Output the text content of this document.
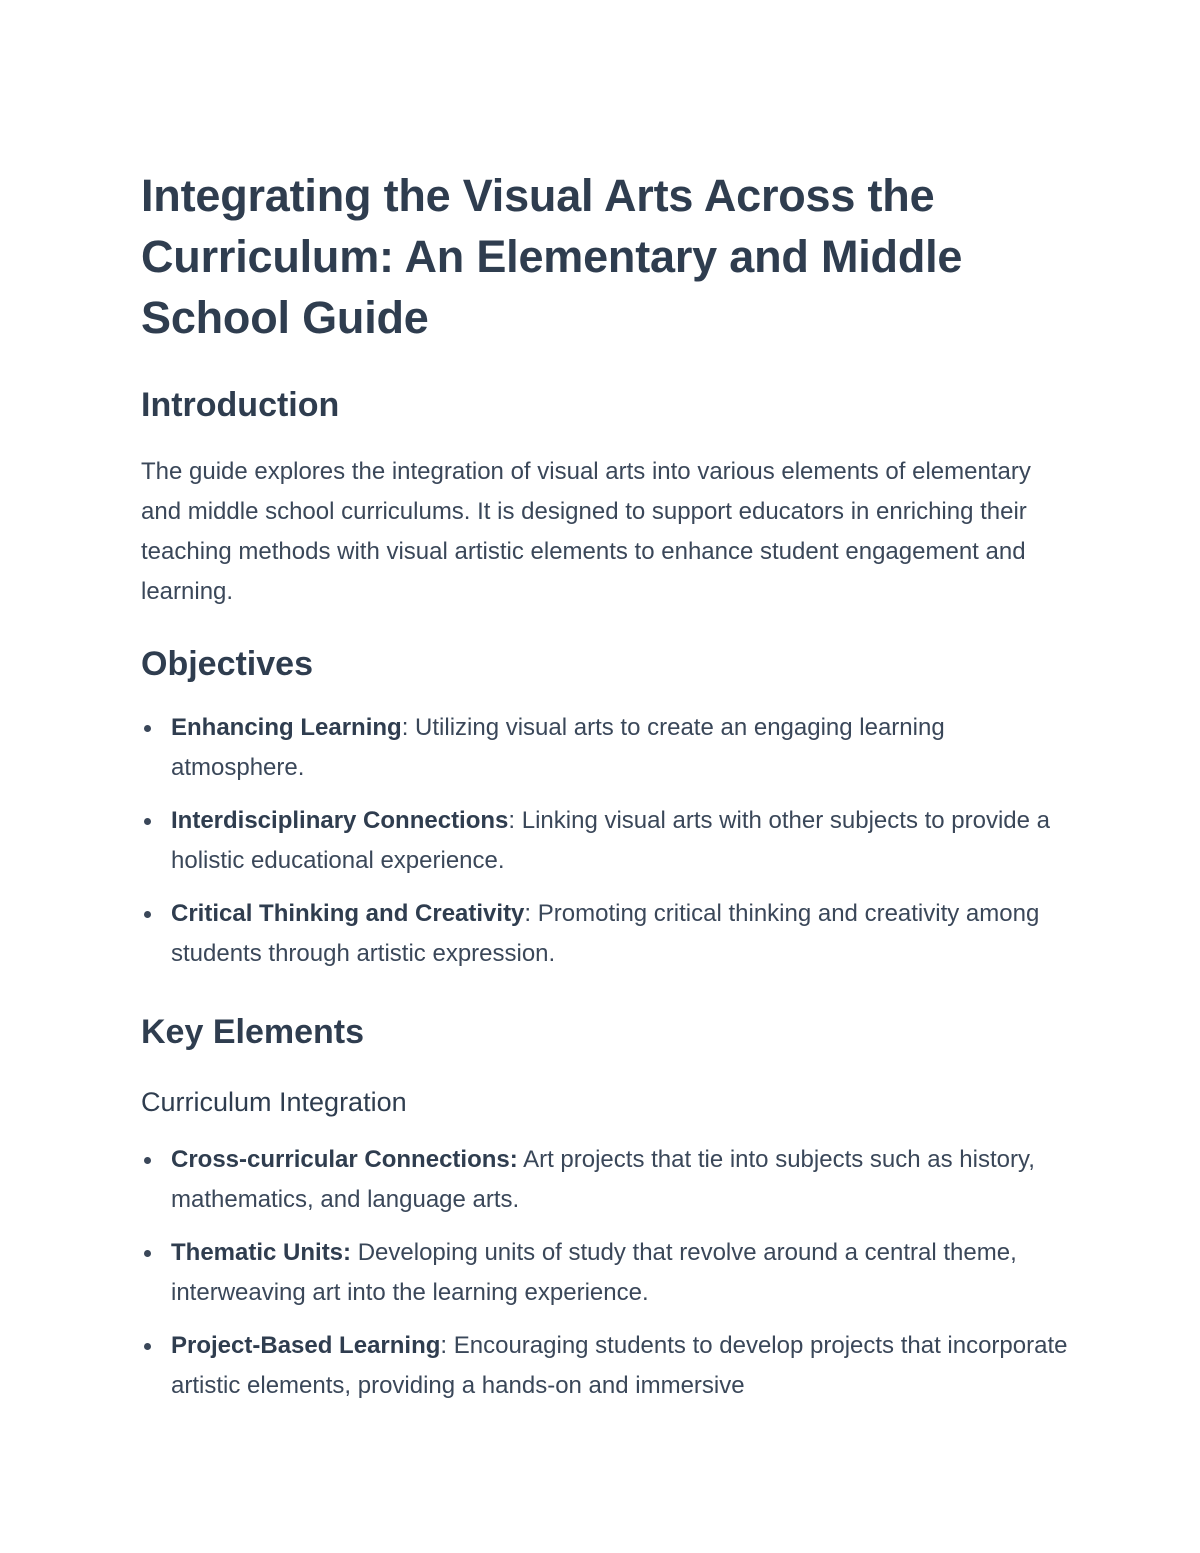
Integrating the Visual Arts Across the Curriculum: An Elementary and Middle School Guide
Introduction

The guide explores the integration of visual arts into various elements of elementary and middle school curriculums. It is designed to support educators in enriching their teaching methods with visual artistic elements to enhance student engagement and learning.

Objectives
Enhancing Learning: Utilizing visual arts to create an engaging learning atmosphere.
Interdisciplinary Connections: Linking visual arts with other subjects to provide a holistic educational experience.
Critical Thinking and Creativity: Promoting critical thinking and creativity among students through artistic expression.
Key Elements
Curriculum Integration
Cross-curricular Connections: Art projects that tie into subjects such as history, mathematics, and language arts.
Thematic Units: Developing units of study that revolve around a central theme, interweaving art into the learning experience.
Project-Based Learning: Encouraging students to develop projects that incorporate artistic elements, providing a hands-on and immersive
